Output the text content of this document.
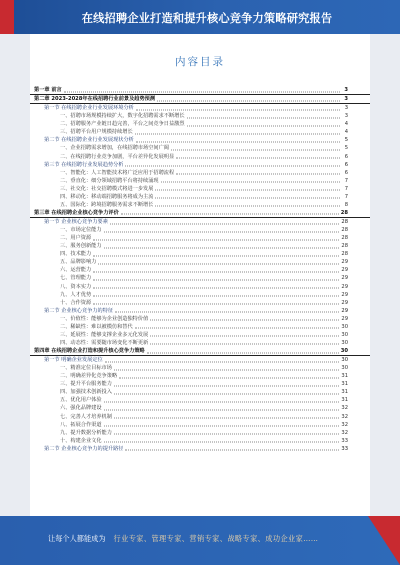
在线招聘企业打造和提升核心竞争力策略研究报告
内容目录
第一章 前言	3
第二章 2023-2028年在线招聘行业前景及趋势预测	3
第一节 在线招聘企业行业发展环境分析	3
一、招聘市场规模持续扩大，数字化招聘需求不断增长	3
二、招聘服务产业链日趋完善，平台之间竞争日益激烈	4
三、招聘平台用户规模持续增长	4
第二节 在线招聘企业行业发展现状分析	5
一、企业招聘需求增加，在线招聘市场空间广阔	5
二、在线招聘行业竞争加剧，平台差异化发展明显	6
第三节 在线招聘行业发展趋势分析	6
一、智能化：人工智能技术将广泛应用于招聘流程	6
二、垂直化：细分领域招聘平台将持续涌现	7
三、社交化：社交招聘模式将进一步发展	7
四、移动化：移动端招聘服务将成为主流	7
五、国际化：跨境招聘服务需求不断增长	8
第三章 在线招聘企业核心竞争力评价	28
第一节 企业核心竞争力要素	28
一、市场定位能力	28
二、用户资源	28
三、服务创新能力	28
四、技术能力	28
五、品牌影响力	29
六、运营能力	29
七、管理能力	29
八、资本实力	29
九、人才优势	29
十、合作资源	29
第二节 企业核心竞争力的特征	29
一、价值性：能够为企业创造独特价值	29
二、稀缺性：难以被模仿和替代	30
三、延展性：能够支撑企业多元化发展	30
四、动态性：需要随市场变化不断更新	30
第四章 在线招聘企业打造和提升核心竞争力策略	30
第一节 明确企业发展定位	30
一、精准定位目标市场	30
二、明确差异化竞争策略	31
三、提升平台服务能力	31
四、加强技术创新投入	31
五、优化用户体验	31
六、强化品牌建设	32
七、完善人才培养机制	32
八、拓展合作渠道	32
九、提升数据分析能力	32
十、构建企业文化	33
第二节 企业核心竞争力的提升路径	33
让每个人都能成为 行业专家、管理专家、营销专家、战略专家、成功企业家……
